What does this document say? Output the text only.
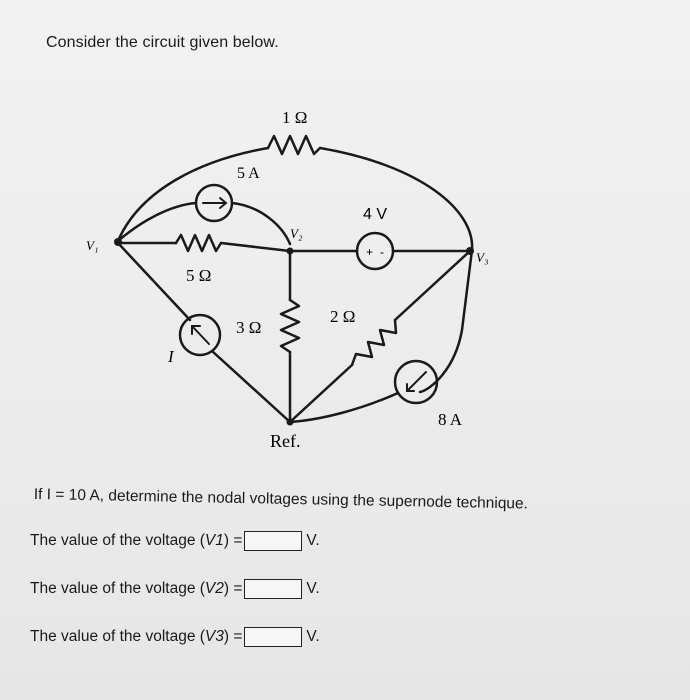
Consider the circuit given below.
1 Ω
5 A
4 V
V₁
V₂
V₃
+ -
5 Ω
3 Ω
2 Ω
I
8 A
Ref.
If I = 10 A, determine the nodal voltages using the supernode technique.
The value of the voltage ( V1 ) =	V.
The value of the voltage ( V2 ) =	V.
The value of the voltage ( V3 ) =	V.
